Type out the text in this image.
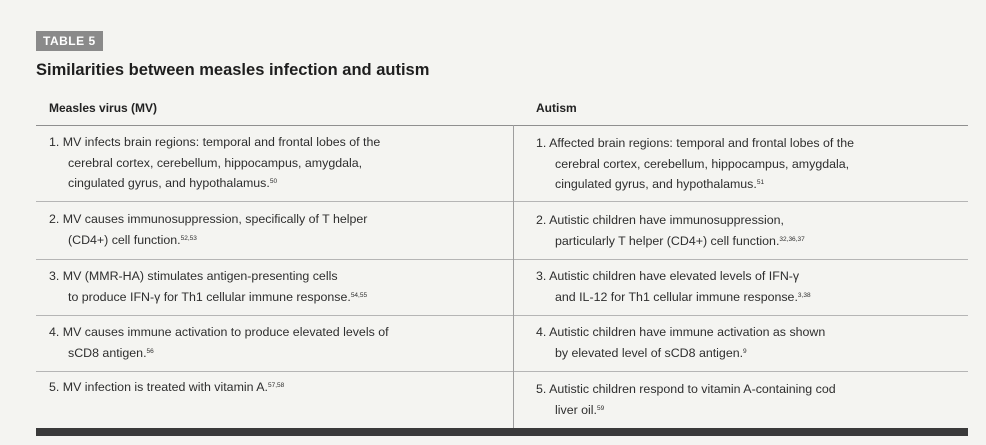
TABLE 5
Similarities between measles infection and autism
Measles virus (MV)	Autism
1. MV infects brain regions: temporal and frontal lobes of the
cerebral cortex, cerebellum, hippocampus, amygdala,
cingulated gyrus, and hypothalamus.$^{50}$
1. Affected brain regions: temporal and frontal lobes of the
cerebral cortex, cerebellum, hippocampus, amygdala,
cingulated gyrus, and hypothalamus.$^{51}$
2. MV causes immunosuppression, specifically of T helper
(CD4+) cell function.$^{52,53}$
2. Autistic children have immunosuppression,
particularly T helper (CD4+) cell function.$^{32,36,37}$
3. MV (MMR-HA) stimulates antigen-presenting cells
to produce IFN-γ for Th1 cellular immune response.$^{54,55}$
3. Autistic children have elevated levels of IFN-γ
and IL-12 for Th1 cellular immune response.$^{3,38}$
4. MV causes immune activation to produce elevated levels of
sCD8 antigen.$^{56}$
4. Autistic children have immune activation as shown
by elevated level of sCD8 antigen.$^9$
5. MV infection is treated with vitamin A.$^{57,58}$	5. Autistic children respond to vitamin A-containing cod
liver oil.$^{59}$
